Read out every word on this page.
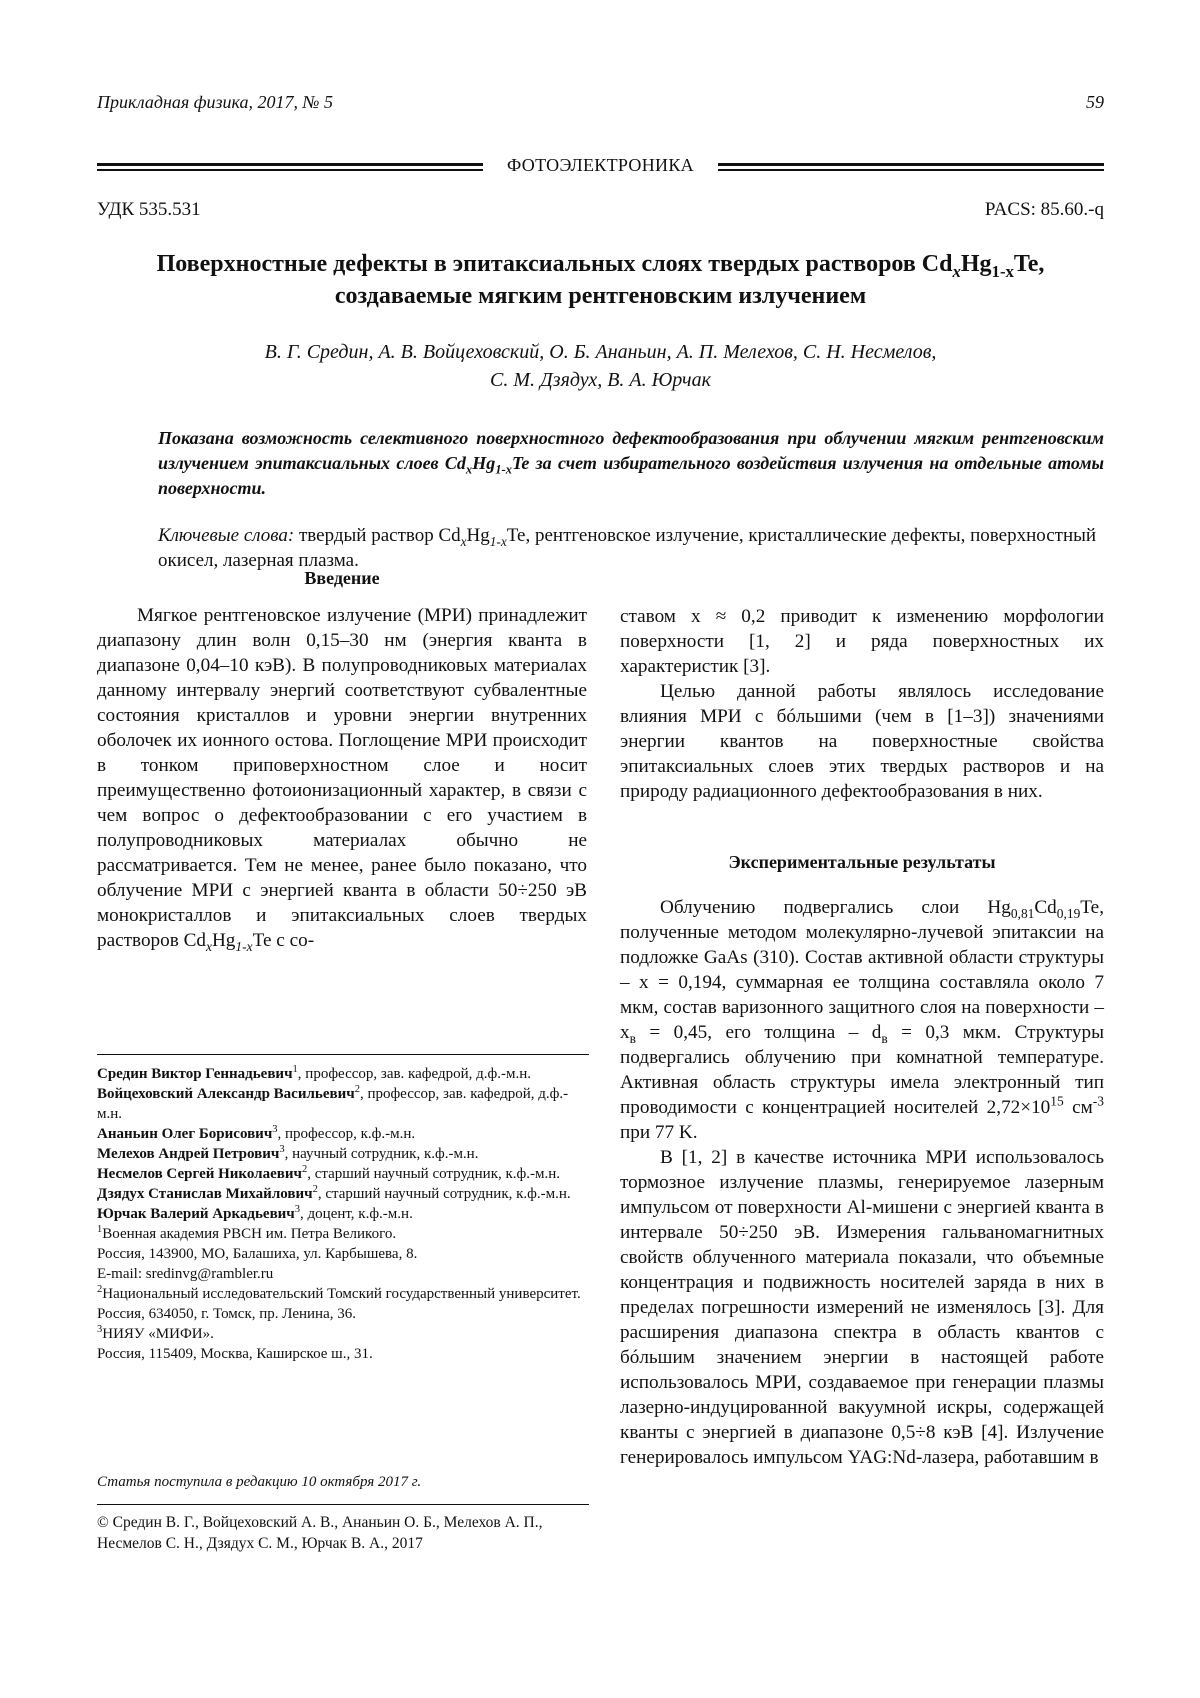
Прикладная физика, 2017, № 5	59
ФОТОЭЛЕКТРОНИКА
УДК 535.531	PACS: 85.60.-q
Поверхностные дефекты в эпитаксиальных слоях твердых растворов $Cd_xHg_{1-x}Te$,
создаваемые мягким рентгеновским излучением
В. Г. Средин, А. В. Войцеховский, О. Б. Ананьин, А. П. Мелехов, С. Н. Несмелов,
С. М. Дзядух, В. А. Юрчак
Показана возможность селективного поверхностного дефектообразования при облучении мягким рентгеновским излучением эпитаксиальных слоев $Cd_xHg_{1-x}Te$ за счет избирательного воздействия излучения на отдельные атомы поверхности.
Ключевые слова: твердый раствор $Cd_xHg_{1-x}Te$, рентгеновское излучение, кристаллические дефекты, поверхностный окисел, лазерная плазма.
Введение

Мягкое рентгеновское излучение (МРИ) принадлежит диапазону длин волн 0,15–30 нм (энергия кванта в диапазоне 0,04–10 кэВ). В полупроводниковых материалах данному интервалу энергий соответствуют субвалентные состояния кристаллов и уровни энергии внутренних оболочек их ионного остова. Поглощение МРИ происходит в тонком приповерхностном слое и носит преимущественно фотоионизационный характер, в связи с чем вопрос о дефектообразовании с его участием в полупроводниковых материалах обычно не рассматривается. Тем не менее, ранее было показано, что облучение МРИ с энергией кванта в области 50÷250 эВ монокристаллов и эпитаксиальных слоев твердых растворов $Cd_xHg_{1-x}Te$ с со-

Средин Виктор Геннадьевич$^1$, профессор, зав. кафедрой, д.ф.-м.н.
Войцеховский Александр Васильевич$^2$, профессор, зав. кафедрой, д.ф.-м.н.
Ананьин Олег Борисович$^3$, профессор, к.ф.-м.н.
Мелехов Андрей Петрович$^3$, научный сотрудник, к.ф.-м.н.
Несмелов Сергей Николаевич$^2$, старший научный сотрудник, к.ф.-м.н.
Дзядух Станислав Михайлович$^2$, старший научный сотрудник, к.ф.-м.н.
Юрчак Валерий Аркадьевич$^3$, доцент, к.ф.-м.н.
$^1$Военная академия РВСН им. Петра Великого.
Россия, 143900, МО, Балашиха, ул. Карбышева, 8.
E-mail: sredinvg@rambler.ru
$^2$Национальный исследовательский Томский государственный университет.
Россия, 634050, г. Томск, пр. Ленина, 36.
$^3$НИЯУ «МИФИ».
Россия, 115409, Москва, Каширское ш., 31.
Статья поступила в редакцию 10 октября 2017 г.
© Средин В. Г., Войцеховский А. В., Ананьин О. Б., Мелехов А. П., Несмелов С. Н., Дзядух С. М., Юрчак В. А., 2017

ставом x ≈ 0,2 приводит к изменению морфологии поверхности [1, 2] и ряда поверхностных их характеристик [3].

Целью данной работы являлось исследование влияния МРИ с бóльшими (чем в [1–3]) значениями энергии квантов на поверхностные свойства эпитаксиальных слоев этих твердых растворов и на природу радиационного дефектообразования в них.

Экспериментальные результаты

Облучению подвергались слои $Hg_{0,81}Cd_{0,19}Te$, полученные методом молекулярно-лучевой эпитаксии на подложке GaAs (310). Состав активной области структуры – x = 0,194, суммарная ее толщина составляла около 7 мкм, состав варизонного защитного слоя на поверхности – $x_в = 0,45$, его толщина – $d_в = 0,3$ мкм. Структуры подвергались облучению при комнатной температуре. Активная область структуры имела электронный тип проводимости с концентрацией носителей $2,72\times 10^{15}$ $см^{-3}$ при 77 K.

В [1, 2] в качестве источника МРИ использовалось тормозное излучение плазмы, генерируемое лазерным импульсом от поверхности Al-мишени с энергией кванта в интервале 50÷250 эВ. Измерения гальваномагнитных свойств облученного материала показали, что объемные концентрация и подвижность носителей заряда в них в пределах погрешности измерений не изменялось [3]. Для расширения диапазона спектра в область квантов с бóльшим значением энергии в настоящей работе использовалось МРИ, создаваемое при генерации плазмы лазерно-индуцированной вакуумной искры, содержащей кванты с энергией в диапазоне 0,5÷8 кэВ [4]. Излучение генерировалось импульсом YAG:Nd-лазера, работавшим в
